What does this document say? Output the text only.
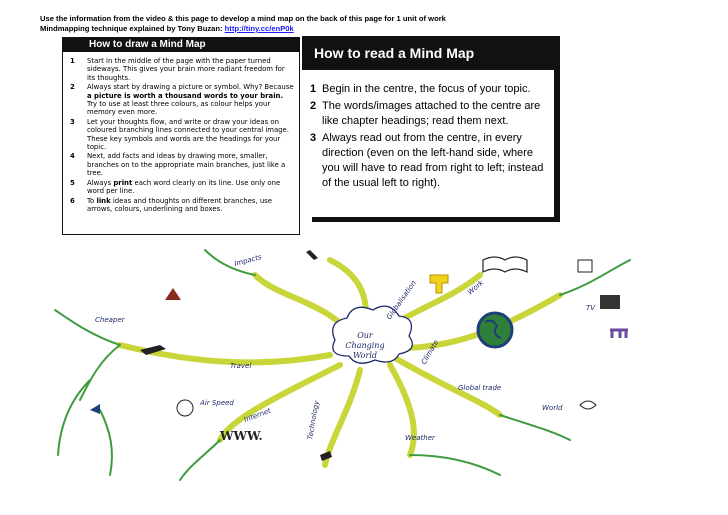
Use the information from the video & this page to develop a mind map on the back of this page for 1 unit of work
Mindmapping technique explained by Tony Buzan: http://tiny.cc/enP0k
How to draw a Mind Map
1 Start in the middle of the page with the paper turned sideways. This gives your brain more radiant freedom for its thoughts.
2 Always start by drawing a picture or symbol. Why? Because a picture is worth a thousand words to your brain. Try to use at least three colours, as colour helps your memory even more.
3 Let your thoughts flow, and write or draw your ideas on coloured branching lines connected to your central image. These key symbols and words are the headings for your topic.
4 Next, add facts and ideas by drawing more, smaller, branches on to the appropriate main branches, just like a tree.
5 Always print each word clearly on its line. Use only one word per line.
6 To link ideas and thoughts on different branches, use arrows, colours, underlining and boxes.
How to read a Mind Map
1 Begin in the centre, the focus of your topic.
2 The words/images attached to the centre are like chapter headings; read them next.
3 Always read out from the centre, in every direction (even on the left-hand side, where you will have to read from right to left; instead of the usual left to right).
Our
Changing
World
Impacts
Globalisation
Cheaper
Travel
Air Speed
Internet
WWW.	Technology	Weather
Climate
Global trade
World
TV
Work
